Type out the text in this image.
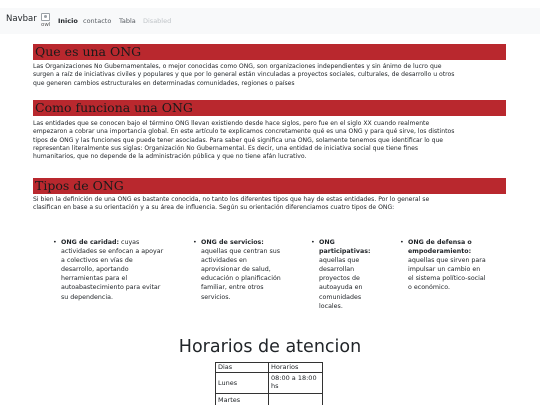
Navbar
owl Inicio contacto Tabla Disabled
Que es una ONG
Las Organizaciones No Gubernamentales, o mejor conocidas como ONG, son organizaciones independientes y sin ánimo de lucro que
surgen a raíz de iniciativas civiles y populares y que por lo general están vinculadas a proyectos sociales, culturales, de desarrollo u otros
que generen cambios estructurales en determinadas comunidades, regiones o países
Como funciona una ONG
Las entidades que se conocen bajo el término ONG llevan existiendo desde hace siglos, pero fue en el siglo XX cuando realmente
empezaron a cobrar una importancia global. En este artículo te explicamos concretamente qué es una ONG y para qué sirve, los distintos
tipos de ONG y las funciones que puede tener asociadas. Para saber qué significa una ONG, solamente tenemos que identificar lo que
representan literalmente sus siglas: Organización No Gubernamental. Es decir, una entidad de iniciativa social que tiene fines
humanitarios, que no depende de la administración pública y que no tiene afán lucrativo.
Tipos de ONG
Si bien la definición de una ONG es bastante conocida, no tanto los diferentes tipos que hay de estas entidades. Por lo general se
clasifican en base a su orientación y a su área de influencia. Según su orientación diferenciamos cuatro tipos de ONG:
• ONG de caridad: cuyas
actividades se enfocan a apoyar
a colectivos en vías de
desarrollo, aportando
herramientas para el
autoabastecimiento para evitar
su dependencia.
• ONG de servicios:
aquellas que centran sus
actividades en
aprovisionar de salud,
educación o planificación
familiar, entre otros
servicios.
• ONG
participativas:
aquellas que
desarrollan
proyectos de
autoayuda en
comunidades
locales.
• ONG de defensa o
empoderamiento:
aquellas que sirven para
impulsar un cambio en
el sistema político-social
o económico.
Horarios de atencion
Dias	Horarios
Lunes
08:00 a 18:00
hs
Martes
